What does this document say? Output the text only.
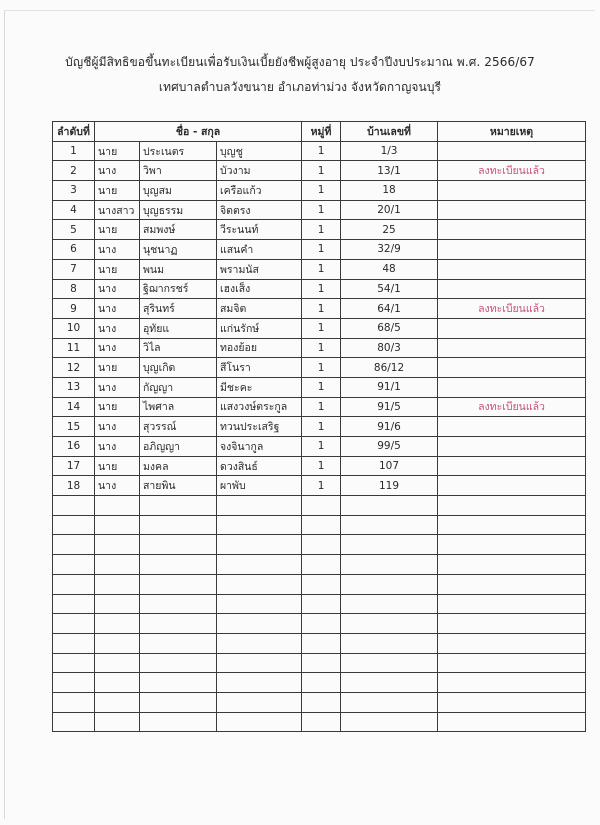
บัญชีผู้มีสิทธิขอขึ้นทะเบียนเพื่อรับเงินเบี้ยยังชีพผู้สูงอายุ ประจำปีงบประมาณ พ.ศ. 2566/67
เทศบาลตำบลวังขนาย อำเภอท่าม่วง จังหวัดกาญจนบุรี
ลำดับที่	ชื่อ - สกุล			หมู่ที่	บ้านเลขที่	หมายเหตุ
1	นาย	ประเนตร	บุญชู	1	1/3	
2	นาง	วิพา	บัวงาม	1	13/1	ลงทะเบียนแล้ว
3	นาย	บุญสม	เครือแก้ว	1	18	
4	นางสาว	บุญธรรม	จิตตรง	1	20/1	
5	นาย	สมพงษ์	วีระนนท์	1	25	
6	นาง	นุชนาฏ	แสนคำ	1	32/9	
7	นาย	พนม	พรามนัส	1	48	
8	นาง	ฐิฌากรชร์	เฮงเส็ง	1	54/1	
9	นาง	สุรินทร์	สมจิต	1	64/1	ลงทะเบียนแล้ว
10	นาง	อุทัยแ	แก่นรักษ์	1	68/5	
11	นาง	วิไล	ทองย้อย	1	80/3	
12	นาย	บุญเกิด	สีโนรา	1	86/12	
13	นาง	กัญญา	มีชะคะ	1	91/1	
14	นาย	ไพศาล	แสงวงษ์ตระกูล	1	91/5	ลงทะเบียนแล้ว
15	นาง	สุวรรณ์	ทวนประเสริฐ	1	91/6	
16	นาง	อภิญญา	จงจินากูล	1	99/5	
17	นาย	มงคล	ดวงสินธ์	1	107	
18	นาง	สายพิน	ผาพับ	1	119	
